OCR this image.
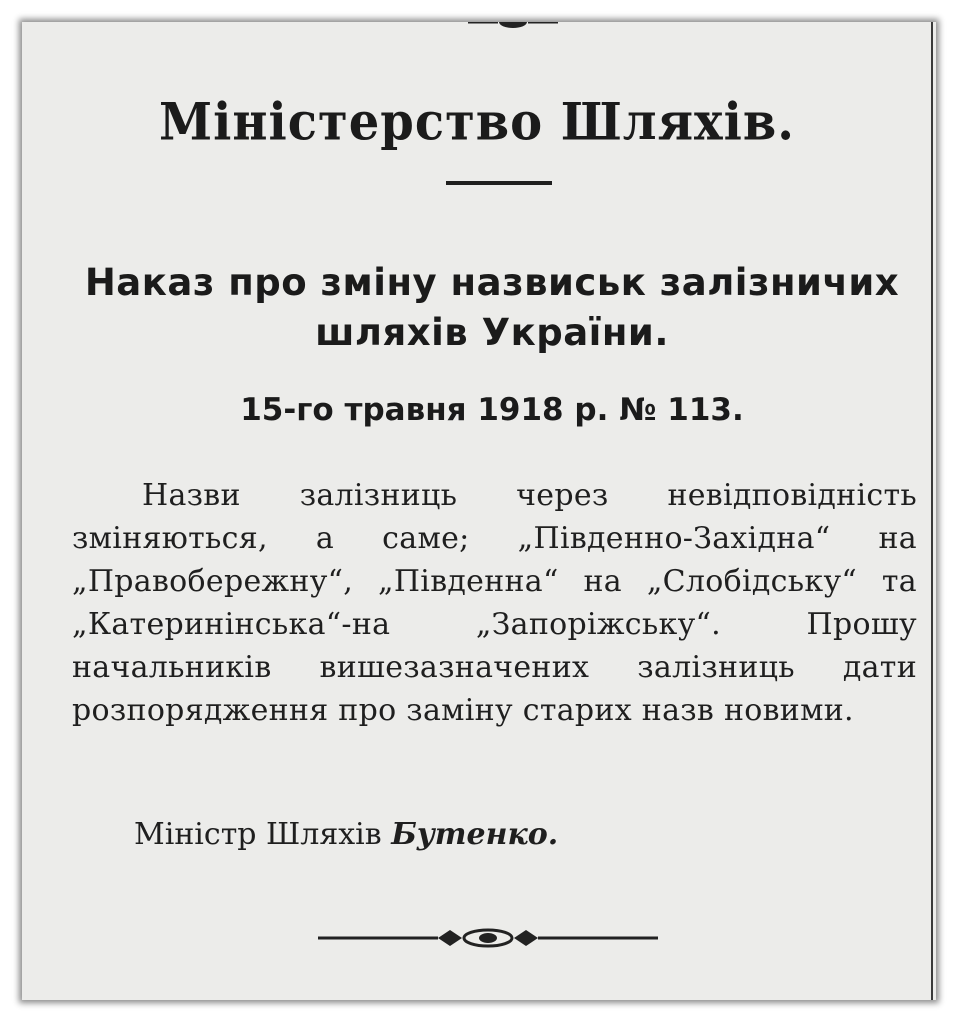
Міністерство Шляхів.
Наказ про зміну назвиськ залізничих шляхів України.

15-го травня 1918 р. № 113.

Назви залізниць через невідповідність зміняються, а саме; „Південно-Західна“ на „Правобережну“, „Південна“ на „Слобідську“ та „Катеринінська“-на „Запоріжську“. Прошу начальників вишезазначених залізниць дати розпорядження про заміну старих назв новими.

Міністр Шляхів Бутенко.
